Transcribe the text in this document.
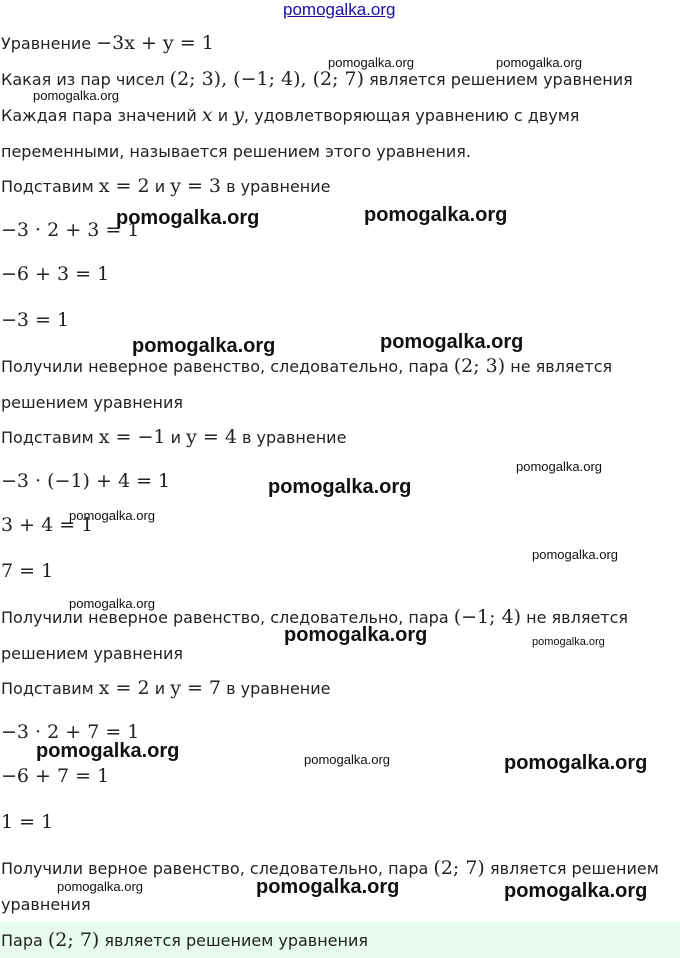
pomogalka.org
Уравнение −3x + y = 1
Какая из пар чисел (2; 3), (−1; 4), (2; 7) является решением уравнения
Каждая пара значений x и y, удовлетворяющая уравнению с двумя
переменными, называется решением этого уравнения.
Подставим x = 2 и y = 3 в уравнение
−3 · 2 + 3 = 1
−6 + 3 = 1
−3 = 1
Получили неверное равенство, следовательно, пара (2; 3) не является
решением уравнения
Подставим x = −1 и y = 4 в уравнение
−3 · (−1) + 4 = 1
3 + 4 = 1
7 = 1
Получили неверное равенство, следовательно, пара (−1; 4) не является
решением уравнения
Подставим x = 2 и y = 7 в уравнение
−3 · 2 + 7 = 1
−6 + 7 = 1
1 = 1
Получили верное равенство, следовательно, пара (2; 7) является решением
уравнения
Пара (2; 7) является решением уравнения
pomogalka.org	pomogalka.org
pomogalka.org
pomogalka.org	pomogalka.org
pomogalka.org	pomogalka.org
pomogalka.org
pomogalka.org
pomogalka.org
pomogalka.org
pomogalka.org
pomogalka.org	pomogalka.org
pomogalka.org	pomogalka.org	pomogalka.org
pomogalka.org	pomogalka.org	pomogalka.org
